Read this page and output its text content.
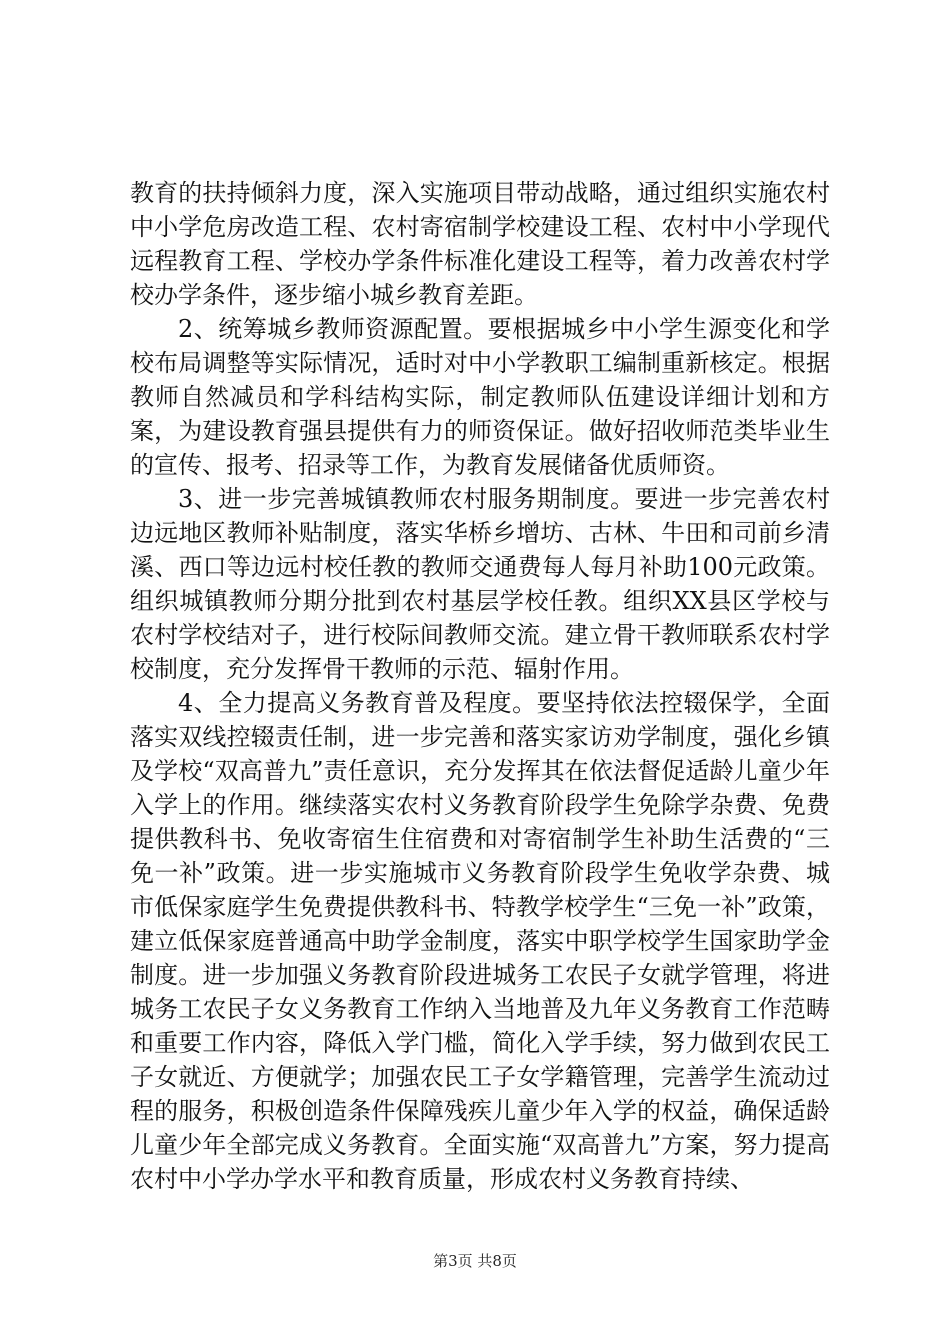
教育的扶持倾斜力度，深入实施项目带动战略，通过组织实施农村中小学危房改造工程、农村寄宿制学校建设工程、农村中小学现代远程教育工程、学校办学条件标准化建设工程等，着力改善农村学校办学条件，逐步缩小城乡教育差距。

2、统筹城乡教师资源配置。要根据城乡中小学生源变化和学校布局调整等实际情况，适时对中小学教职工编制重新核定。根据教师自然减员和学科结构实际，制定教师队伍建设详细计划和方案，为建设教育强县提供有力的师资保证。做好招收师范类毕业生的宣传、报考、招录等工作，为教育发展储备优质师资。

3、进一步完善城镇教师农村服务期制度。要进一步完善农村边远地区教师补贴制度，落实华桥乡增坊、古林、牛田和司前乡清溪、西口等边远村校任教的教师交通费每人每月补助100元政策。组织城镇教师分期分批到农村基层学校任教。组织XX县区学校与农村学校结对子，进行校际间教师交流。建立骨干教师联系农村学校制度，充分发挥骨干教师的示范、辐射作用。

4、全力提高义务教育普及程度。要坚持依法控辍保学，全面落实双线控辍责任制，进一步完善和落实家访劝学制度，强化乡镇及学校“双高普九”责任意识，充分发挥其在依法督促适龄儿童少年入学上的作用。继续落实农村义务教育阶段学生免除学杂费、免费提供教科书、免收寄宿生住宿费和对寄宿制学生补助生活费的“三免一补”政策。进一步实施城市义务教育阶段学生免收学杂费、城市低保家庭学生免费提供教科书、特教学校学生“三免一补”政策，建立低保家庭普通高中助学金制度，落实中职学校学生国家助学金制度。进一步加强义务教育阶段进城务工农民子女就学管理，将进城务工农民子女义务教育工作纳入当地普及九年义务教育工作范畴和重要工作内容，降低入学门槛，简化入学手续，努力做到农民工子女就近、方便就学；加强农民工子女学籍管理，完善学生流动过程的服务，积极创造条件保障残疾儿童少年入学的权益，确保适龄儿童少年全部完成义务教育。全面实施“双高普九”方案，努力提高农村中小学办学水平和教育质量，形成农村义务教育持续、

第3页 共8页
